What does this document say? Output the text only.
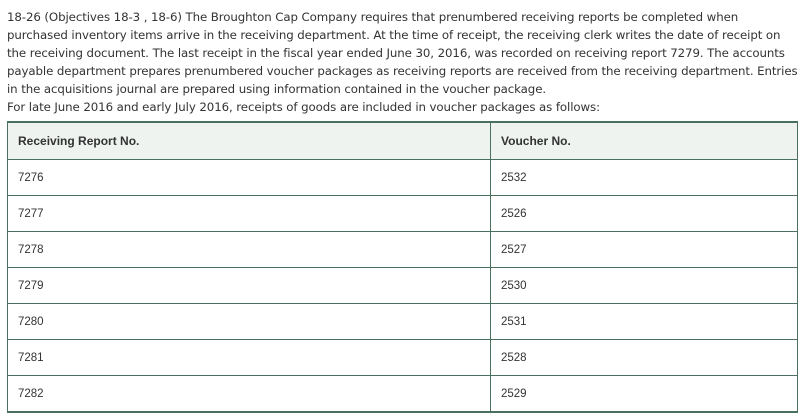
18-26 (Objectives 18-3 , 18-6) The Broughton Cap Company requires that prenumbered receiving reports be completed when
purchased inventory items arrive in the receiving department. At the time of receipt, the receiving clerk writes the date of receipt on
the receiving document. The last receipt in the fiscal year ended June 30, 2016, was recorded on receiving report 7279. The accounts
payable department prepares prenumbered voucher packages as receiving reports are received from the receiving department. Entries
in the acquisitions journal are prepared using information contained in the voucher package.
For late June 2016 and early July 2016, receipts of goods are included in voucher packages as follows:
Receiving Report No.	Voucher No.
7276	2532
7277	2526
7278	2527
7279	2530
7280	2531
7281	2528
7282	2529
